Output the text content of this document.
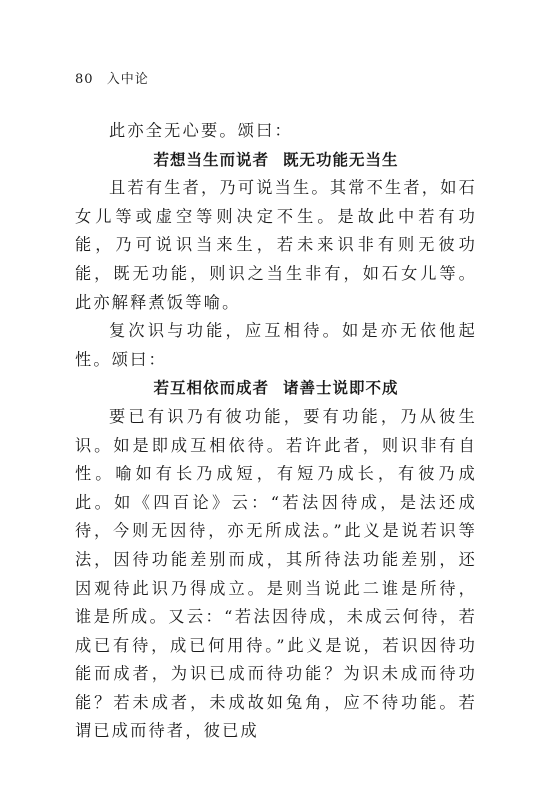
80 入中论

此亦全无心要。颂曰：

若想当生而说者 既无功能无当生

且若有生者，乃可说当生。其常不生者，如石女儿等或虚空等则决定不生。是故此中若有功能，乃可说识当来生，若未来识非有则无彼功能，既无功能，则识之当生非有，如石女儿等。此亦解释煮饭等喻。

复次识与功能，应互相待。如是亦无依他起性。颂曰：

若互相依而成者 诸善士说即不成

要已有识乃有彼功能，要有功能，乃从彼生识。如是即成互相依待。若许此者，则识非有自性。喻如有长乃成短，有短乃成长，有彼乃成此。如《四百论》云：“若法因待成，是法还成待，今则无因待，亦无所成法。”此义是说若识等法，因待功能差别而成，其所待法功能差别，还因观待此识乃得成立。是则当说此二谁是所待，谁是所成。又云：“若法因待成，未成云何待，若成已有待，成已何用待。”此义是说，若识因待功能而成者，为识已成而待功能？为识未成而待功能？若未成者，未成故如兔角，应不待功能。若谓已成而待者，彼已成
